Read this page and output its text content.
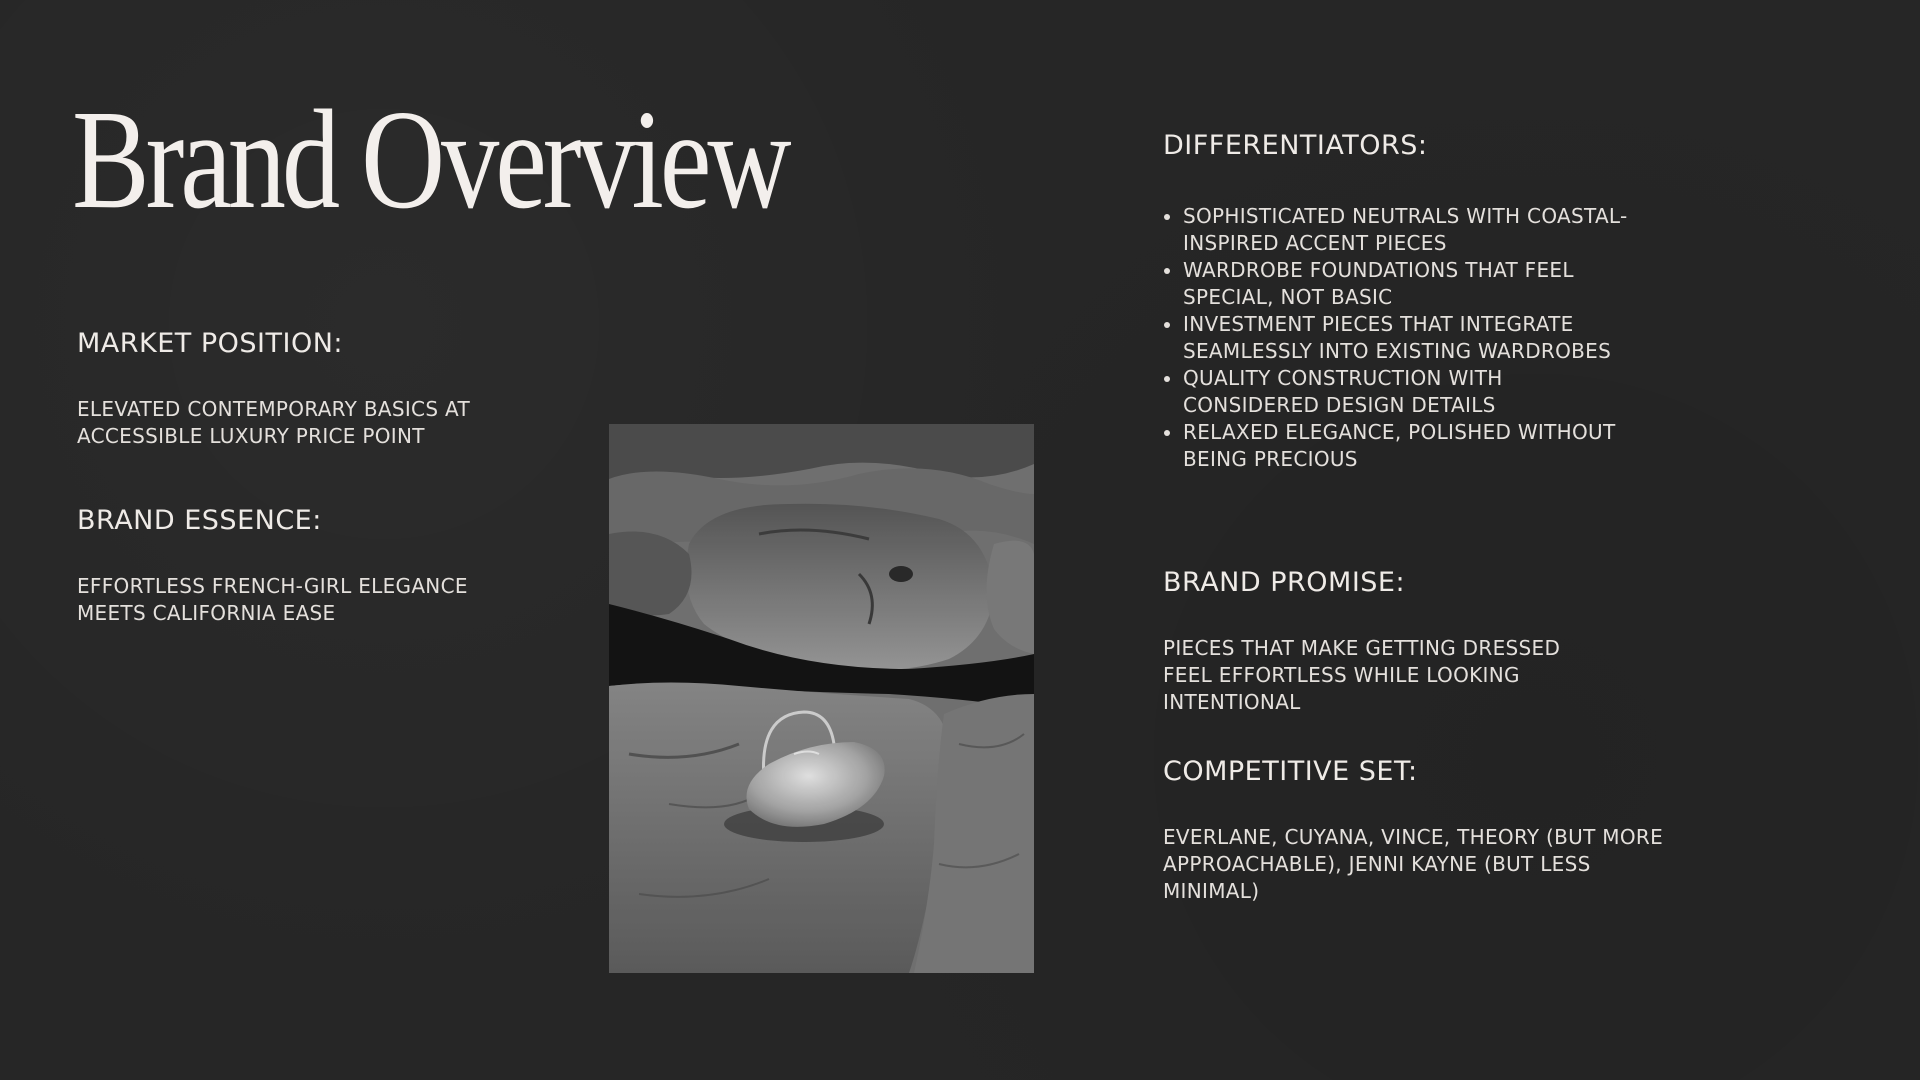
Brand Overview
MARKET POSITION:

ELEVATED CONTEMPORARY BASICS AT ACCESSIBLE LUXURY PRICE POINT

BRAND ESSENCE:

EFFORTLESS FRENCH-GIRL ELEGANCE MEETS CALIFORNIA EASE

DIFFERENTIATORS:
• SOPHISTICATED NEUTRALS WITH COASTAL-INSPIRED ACCENT PIECES
• WARDROBE FOUNDATIONS THAT FEEL SPECIAL, NOT BASIC
• INVESTMENT PIECES THAT INTEGRATE SEAMLESSLY INTO EXISTING WARDROBES
• QUALITY CONSTRUCTION WITH CONSIDERED DESIGN DETAILS
• RELAXED ELEGANCE, POLISHED WITHOUT BEING PRECIOUS
BRAND PROMISE:

PIECES THAT MAKE GETTING DRESSED FEEL EFFORTLESS WHILE LOOKING INTENTIONAL

COMPETITIVE SET:

EVERLANE, CUYANA, VINCE, THEORY (BUT MORE APPROACHABLE), JENNI KAYNE (BUT LESS MINIMAL)
